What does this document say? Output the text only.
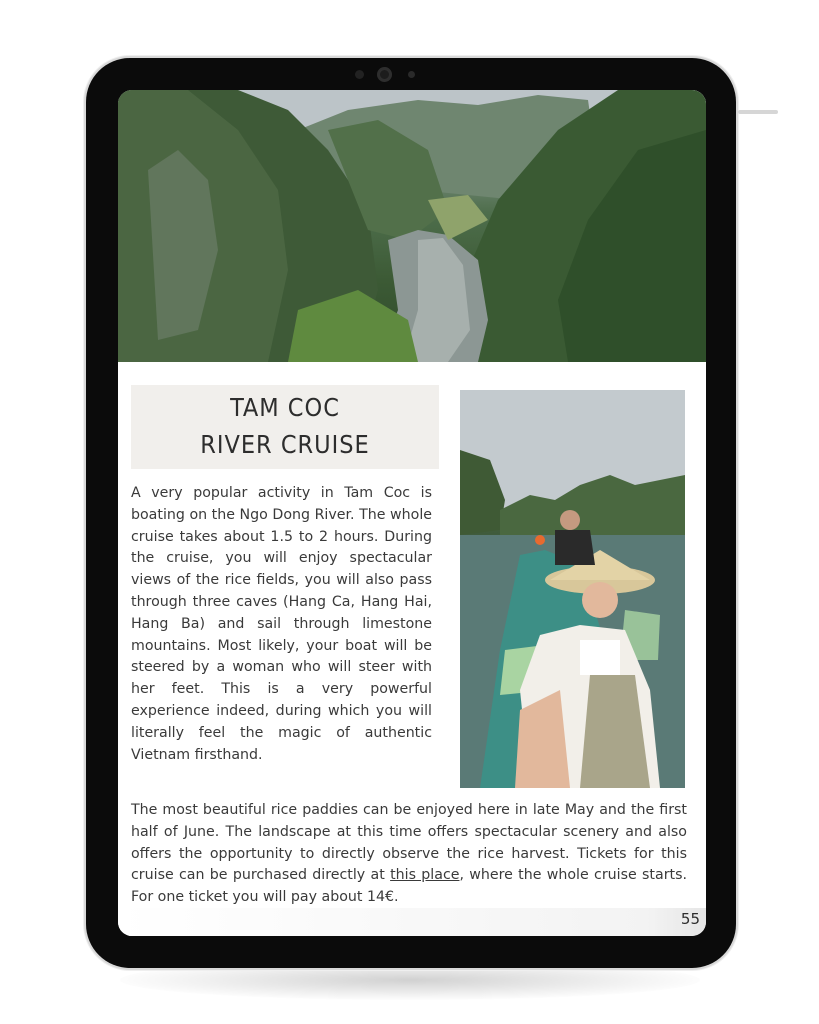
TAM COC
RIVER CRUISE

A very popular activity in Tam Coc is boating on the Ngo Dong River. The whole cruise takes about 1.5 to 2 hours. During the cruise, you will enjoy spectacular views of the rice fields, you will also pass through three caves (Hang Ca, Hang Hai, Hang Ba) and sail through limestone mountains. Most likely, your boat will be steered by a woman who will steer with her feet. This is a very powerful experience indeed, during which you will literally feel the magic of authentic Vietnam firsthand.

The most beautiful rice paddies can be enjoyed here in late May and the first half of June. The landscape at this time offers spectacular scenery and also offers the opportunity to directly observe the rice harvest. Tickets for this cruise can be purchased directly at this place, where the whole cruise starts. For one ticket you will pay about 14€.

55
